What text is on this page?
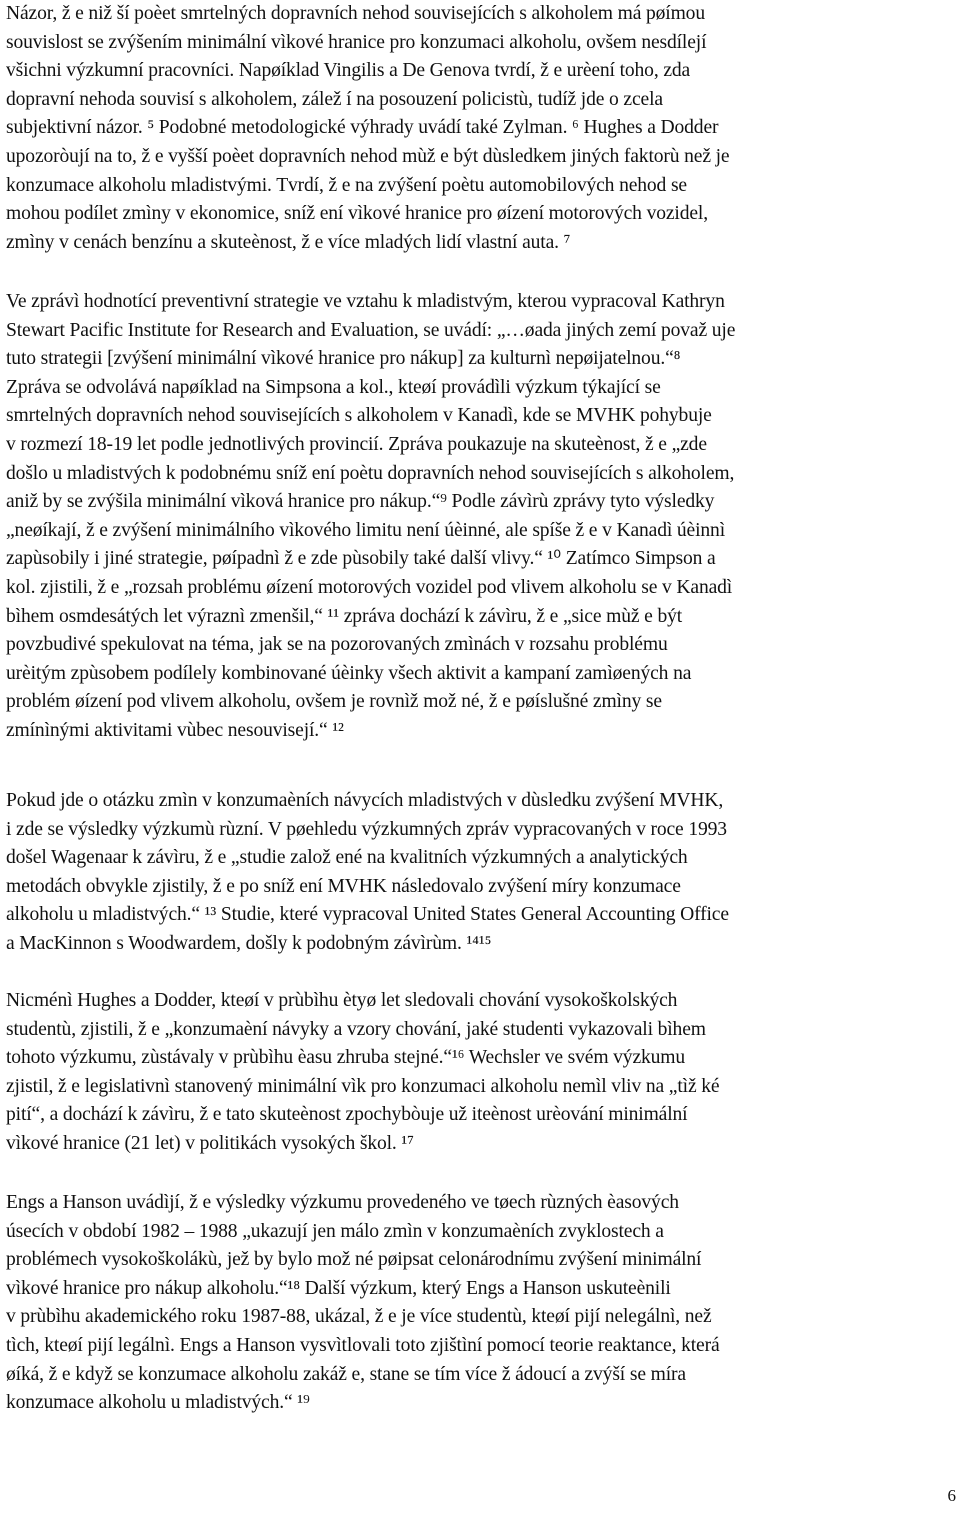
Názor, ž e niž ší poèet smrtelných dopravních nehod souvisejících s alkoholem má pøímou
souvislost se zvýšením minimální vìkové hranice pro konzumaci alkoholu, ovšem nesdílejí
všichni výzkumní pracovníci. Napøíklad Vingilis a De Genova tvrdí, ž e urèení toho, zda
dopravní nehoda souvisí s alkoholem, zálež í na posouzení policistù, tudíž jde o zcela
subjektivní názor. ⁵ Podobné metodologické výhrady uvádí také Zylman. ⁶ Hughes a Dodder
upozoròují na to, ž e vyšší poèet dopravních nehod mùž e být dùsledkem jiných faktorù než je
konzumace alkoholu mladistvými. Tvrdí, ž e na zvýšení poètu automobilových nehod se
mohou podílet zmìny v ekonomice, sníž ení vìkové hranice pro øízení motorových vozidel,
zmìny v cenách benzínu a skuteènost, ž e více mladých lidí vlastní auta. ⁷
Ve zprávì hodnotící preventivní strategie ve vztahu k mladistvým, kterou vypracoval Kathryn
Stewart Pacific Institute for Research and Evaluation, se uvádí: „…øada jiných zemí považ uje
tuto strategii [zvýšení minimální vìkové hranice pro nákup] za kulturnì nepøijatelnou.“⁸
Zpráva se odvolává napøíklad na Simpsona a kol., kteøí provádìli výzkum týkající se
smrtelných dopravních nehod souvisejících s alkoholem v Kanadì, kde se MVHK pohybuje
v rozmezí 18-19 let podle jednotlivých provincií. Zpráva poukazuje na skuteènost, ž e „zde
došlo u mladistvých k podobnému sníž ení poètu dopravních nehod souvisejících s alkoholem,
aniž by se zvýšila minimální vìková hranice pro nákup.“⁹ Podle závìrù zprávy tyto výsledky
„neøíkají, ž e zvýšení minimálního vìkového limitu není úèinné, ale spíše ž e v Kanadì úèinnì
zapùsobily i jiné strategie, pøípadnì ž e zde pùsobily také další vlivy.“ ¹⁰ Zatímco Simpson a
kol. zjistili, ž e „rozsah problému øízení motorových vozidel pod vlivem alkoholu se v Kanadì
bìhem osmdesátých let výraznì zmenšil,“ ¹¹ zpráva dochází k závìru, ž e „sice mùž e být
povzbudivé spekulovat na téma, jak se na pozorovaných zmìnách v rozsahu problému
urèitým zpùsobem podílely kombinované úèinky všech aktivit a kampaní zamìøených na
problém øízení pod vlivem alkoholu, ovšem je rovnìž mož né, ž e pøíslušné zmìny se
zmínìnými aktivitami vùbec nesouvisejí.“ ¹²
Pokud jde o otázku zmìn v konzumaèních návycích mladistvých v dùsledku zvýšení MVHK,
i zde se výsledky výzkumù rùzní. V pøehledu výzkumných zpráv vypracovaných v roce 1993
došel Wagenaar k závìru, ž e „studie založ ené na kvalitních výzkumných a analytických
metodách obvykle zjistily, ž e po sníž ení MVHK následovalo zvýšení míry konzumace
alkoholu u mladistvých.“ ¹³ Studie, které vypracoval United States General Accounting Office
a MacKinnon s Woodwardem, došly k podobným závìrùm. ¹⁴¹⁵
Nicménì Hughes a Dodder, kteøí v prùbìhu ètyø let sledovali chování vysokoškolských
studentù, zjistili, ž e „konzumaèní návyky a vzory chování, jaké studenti vykazovali bìhem
tohoto výzkumu, zùstávaly v prùbìhu èasu zhruba stejné.“¹⁶ Wechsler ve svém výzkumu
zjistil, ž e legislativnì stanovený minimální vìk pro konzumaci alkoholu nemìl vliv na „tìž ké
pití“, a dochází k závìru, ž e tato skuteènost zpochybòuje už iteènost urèování minimální
vìkové hranice (21 let) v politikách vysokých škol. ¹⁷
Engs a Hanson uvádìjí, ž e výsledky výzkumu provedeného ve tøech rùzných èasových
úsecích v období 1982 – 1988 „ukazují jen málo zmìn v konzumaèních zvyklostech a
problémech vysokoškolákù, jež by bylo mož né pøipsat celonárodnímu zvýšení minimální
vìkové hranice pro nákup alkoholu.“¹⁸ Další výzkum, který Engs a Hanson uskuteènili
v prùbìhu akademického roku 1987-88, ukázal, ž e je více studentù, kteøí pijí nelegálnì, než
tìch, kteøí pijí legálnì. Engs a Hanson vysvìtlovali toto zjištìní pomocí teorie reaktance, která
øíká, ž e když se konzumace alkoholu zakáž e, stane se tím více ž ádoucí a zvýší se míra
konzumace alkoholu u mladistvých.“ ¹⁹
6
